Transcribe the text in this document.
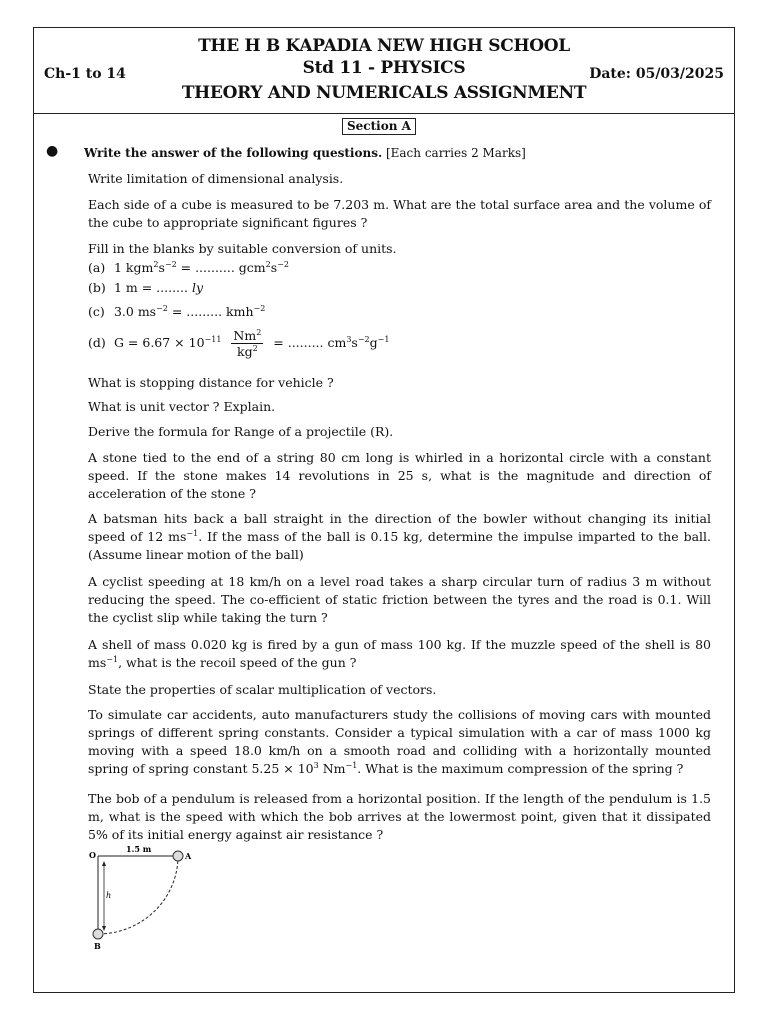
THE H B KAPADIA NEW HIGH SCHOOL
Std 11 - PHYSICS
THEORY AND NUMERICALS ASSIGNMENT
Ch-1 to 14	Date: 05/03/2025
Section A
● Write the answer of the following questions. [Each carries 2 Marks]
Write limitation of dimensional analysis.
Each side of a cube is measured to be 7.203 m. What are the total surface area and the volume of the cube to appropriate significant figures ?
Fill in the blanks by suitable conversion of units.
(a) 1 $kgm^2s^{-2}$ = .......... $gcm^2s^{-2}$
(b) 1 m = ........ ly
(c) 3.0 $ms^{-2}$ = ......... kmh$^{-2}$
(d) $G = 6.67 \times 10^{-11} \frac{Nm^2}{kg^2}$ = ......... $cm^3s^{-2}g^{-1}$
What is stopping distance for vehicle ?
What is unit vector ? Explain.
Derive the formula for Range of a projectile (R).
A stone tied to the end of a string 80 cm long is whirled in a horizontal circle with a constant speed. If the stone makes 14 revolutions in 25 s, what is the magnitude and direction of acceleration of the stone ?
A batsman hits back a ball straight in the direction of the bowler without changing its initial speed of 12 $ms^{-1}$. If the mass of the ball is 0.15 kg, determine the impulse imparted to the ball. (Assume linear motion of the ball)
A cyclist speeding at 18 km/h on a level road takes a sharp circular turn of radius 3 m without reducing the speed. The co-efficient of static friction between the tyres and the road is 0.1. Will the cyclist slip while taking the turn ?
A shell of mass 0.020 kg is fired by a gun of mass 100 kg. If the muzzle speed of the shell is 80 $ms^{-1}$, what is the recoil speed of the gun ?
State the properties of scalar multiplication of vectors.
To simulate car accidents, auto manufacturers study the collisions of moving cars with mounted springs of different spring constants. Consider a typical simulation with a car of mass 1000 kg moving with a speed 18.0 km/h on a smooth road and colliding with a horizontally mounted spring of spring constant $5.25 \times 10^3$ $Nm^{-1}$. What is the maximum compression of the spring ?
The bob of a pendulum is released from a horizontal position. If the length of the pendulum is 1.5 m, what is the speed with which the bob arrives at the lowermost point, given that it dissipated 5% of its initial energy against air resistance ?
O	A
B
h
1.5 m
